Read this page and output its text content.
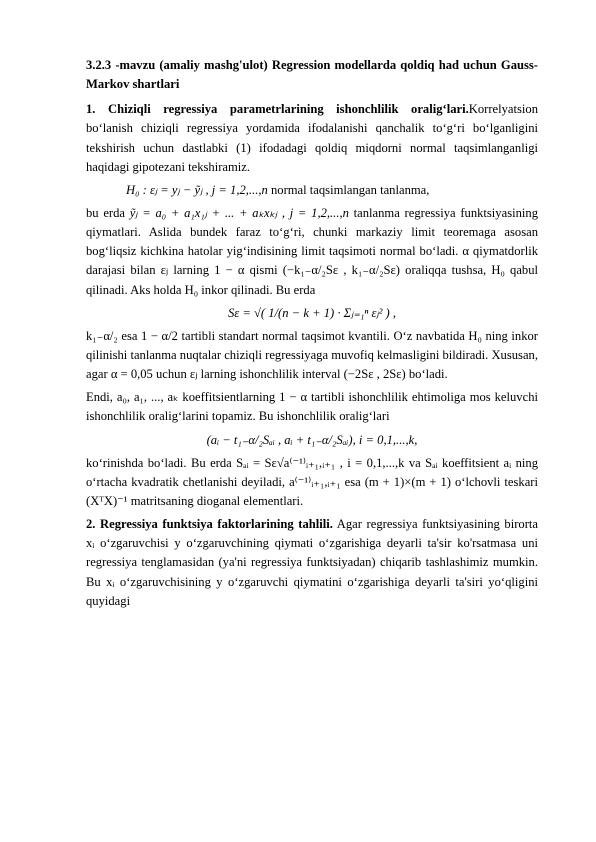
3.2.3 -mavzu (amaliy mashg'ulot) Regression modellarda qoldiq had uchun Gauss-Markov shartlari

1. Chiziqli regressiya parametrlarining ishonchlilik oralig‘lari.Korrelyatsion bo‘lanish chiziqli regressiya yordamida ifodalanishi qanchalik to‘g‘ri bo‘lganligini tekshirish uchun dastlabki (1) ifodadagi qoldiq miqdorni normal taqsimlanganligi haqidagi gipotezani tekshiramiz.

H₀ : εⱼ = yⱼ − ỹⱼ , j = 1,2,...,n normal taqsimlangan tanlanma,

bu erda ỹⱼ = a₀ + a₁x₁ⱼ + ... + aₖxₖⱼ , j = 1,2,...,n tanlanma regressiya funktsiyasining qiymatlari. Aslida bundek faraz to‘g‘ri, chunki markaziy limit teoremaga asosan bog‘liqsiz kichkina hatolar yig‘indisining limit taqsimoti normal bo‘ladi. α qiymatdorlik darajasi bilan εⱼ larning 1 − α qismi (−k₁₋α/₂Sε , k₁₋α/₂Sε) oraliqqa tushsa, H₀ qabul qilinadi. Aks holda H₀ inkor qilinadi. Bu erda

Sε = √( 1/(n − k + 1) · Σⱼ₌₁ⁿ εⱼ² ) ,

k₁₋α/₂ esa 1 − α/2 tartibli standart normal taqsimot kvantili. O‘z navbatida H₀ ning inkor qilinishi tanlanma nuqtalar chiziqli regressiyaga muvofiq kelmasligini bildiradi. Xususan, agar α = 0,05 uchun εⱼ larning ishonchlilik interval (−2Sε , 2Sε) bo‘ladi.

Endi, a₀, a₁, ..., aₖ koeffitsientlarning 1 − α tartibli ishonchlilik ehtimoliga mos keluvchi ishonchlilik oralig‘larini topamiz. Bu ishonchlilik oralig‘lari

(aᵢ − t₁₋α/₂Sₐᵢ , aᵢ + t₁₋α/₂Sₐᵢ), i = 0,1,...,k,

ko‘rinishda bo‘ladi. Bu erda Sₐᵢ = Sε√a⁽⁻¹⁾ᵢ₊₁,ᵢ₊₁ , i = 0,1,...,k va Sₐᵢ koeffitsient aᵢ ning o‘rtacha kvadratik chetlanishi deyiladi, a⁽⁻¹⁾ᵢ₊₁,ᵢ₊₁ esa (m + 1)×(m + 1) o‘lchovli teskari (XᵀX)⁻¹ matritsaning dioganal elementlari.

2. Regressiya funktsiya faktorlarining tahlili. Agar regressiya funktsiyasining birorta xᵢ o‘zgaruvchisi y o‘zgaruvchining qiymati o‘zgarishiga deyarli ta'sir ko'rsatmasa uni regressiya tenglamasidan (ya'ni regressiya funktsiyadan) chiqarib tashlashimiz mumkin. Bu xᵢ o‘zgaruvchisining y o‘zgaruvchi qiymatini o‘zgarishiga deyarli ta'siri yo‘qligini quyidagi
